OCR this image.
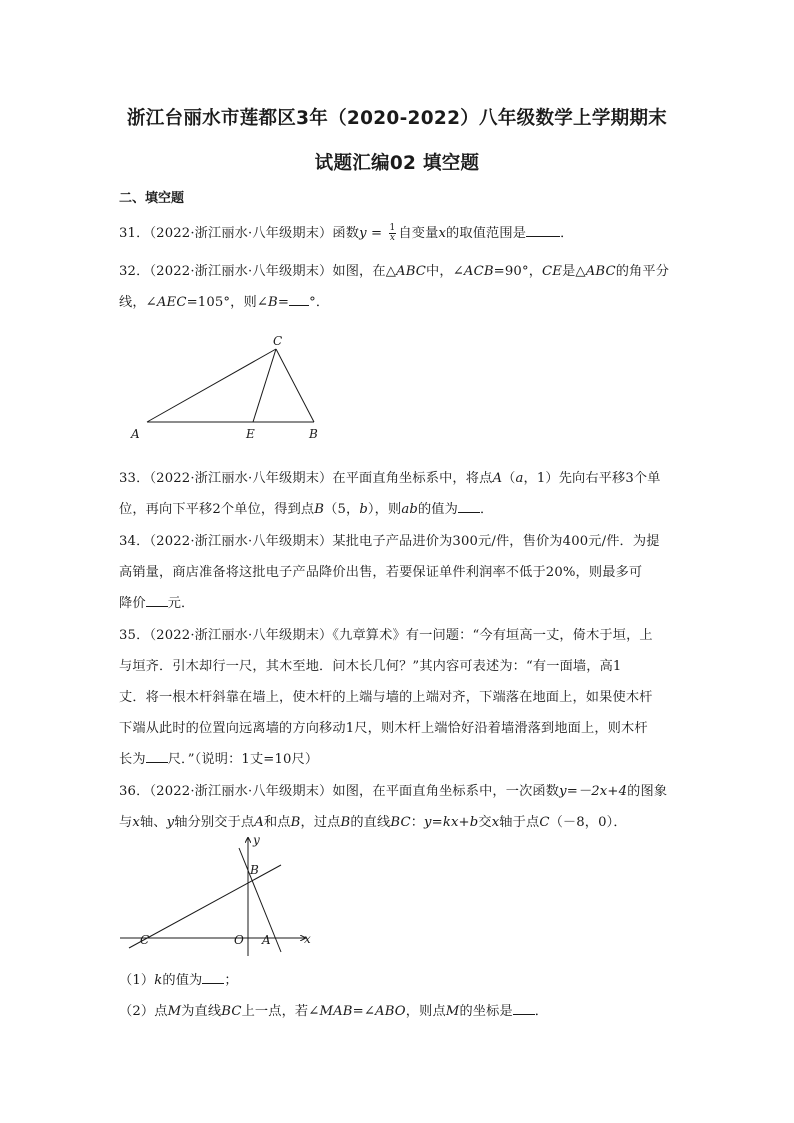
浙江台丽水市莲都区3年（2020-2022）八年级数学上学期期末
试题汇编02 填空题
二、填空题
31．（2022·浙江丽水·八年级期末）函数$y = \frac{1}{x}$ 自变量x的取值范围是	．
32．（2022·浙江丽水·八年级期末）如图，在△ABC中，∠ACB=90°，CE是△ABC的角平分
线，∠AEC=105°，则∠B= °．
C
A	E	B
33．（2022·浙江丽水·八年级期末）在平面直角坐标系中，将点A（a，1）先向右平移3个单
位，再向下平移2个单位，得到点B（5，b），则ab的值为 ．
34．（2022·浙江丽水·八年级期末）某批电子产品进价为300元/件，售价为400元/件．为提
高销量，商店准备将这批电子产品降价出售，若要保证单件利润率不低于20%，则最多可
降价 元．
35．（2022·浙江丽水·八年级期末）《九章算术》有一问题：“今有垣高一丈，倚木于垣，上
与垣齐．引木却行一尺，其木至地．问木长几何？”其内容可表述为：“有一面墙，高1
丈．将一根木杆斜靠在墙上，使木杆的上端与墙的上端对齐，下端落在地面上，如果使木杆
下端从此时的位置向远离墙的方向移动1尺，则木杆上端恰好沿着墙滑落到地面上，则木杆
长为 尺．”（说明：1丈=10尺）
36．（2022·浙江丽水·八年级期末）如图，在平面直角坐标系中，一次函数y=－2x+4的图象
与x轴、y轴分别交于点A和点B，过点B的直线BC：y=kx+b交x轴于点C（－8，0）．
y
x
B
C	O A
（1）k的值为 ；
（2）点M为直线BC上一点，若∠MAB=∠ABO，则点M的坐标是 ．
